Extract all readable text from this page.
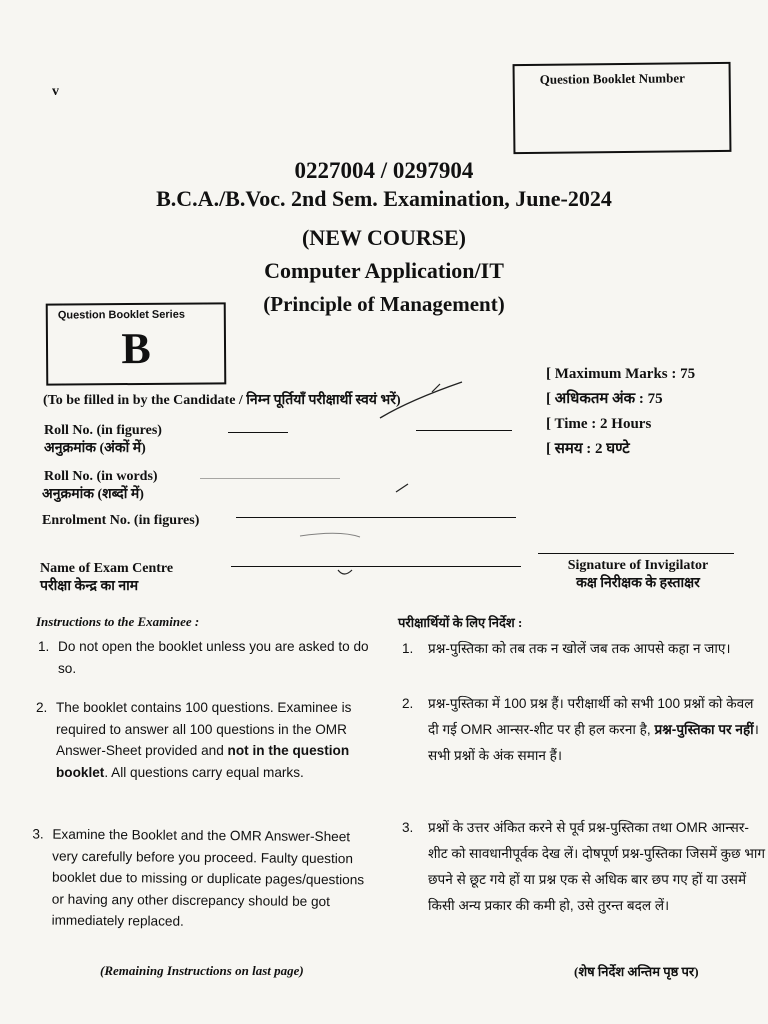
v
Question Booklet Number
0227004 / 0297904
B.C.A./B.Voc. 2nd Sem. Examination, June-2024
(NEW COURSE)
Computer Application/IT
(Principle of Management)
Question Booklet Series
B
[ Maximum Marks : 75
[ अधिकतम अंक : 75
[ Time : 2 Hours
[ समय : 2 घण्टे
(To be filled in by the Candidate / निम्न पूर्तियाँ परीक्षार्थी स्वयं भरें)
Roll No. (in figures)
अनुक्रमांक (अंकों में)
Roll No. (in words)
अनुक्रमांक (शब्दों में)
Enrolment No. (in figures)
Name of Exam Centre
परीक्षा केन्द्र का नाम
Signature of Invigilator
कक्ष निरीक्षक के हस्ताक्षर
Instructions to the Examinee :
1. Do not open the booklet unless you are asked to do so.
2. The booklet contains 100 questions. Examinee is required to answer all 100 questions in the OMR Answer-Sheet provided and not in the question booklet. All questions carry equal marks.
3. Examine the Booklet and the OMR Answer-Sheet very carefully before you proceed. Faulty question booklet due to missing or duplicate pages/questions or having any other discrepancy should be got immediately replaced.
(Remaining Instructions on last page)
परीक्षार्थियों के लिए निर्देश :
1. प्रश्न-पुस्तिका को तब तक न खोलें जब तक आपसे कहा न जाए।
2. प्रश्न-पुस्तिका में 100 प्रश्न हैं। परीक्षार्थी को सभी 100 प्रश्नों को केवल दी गई OMR आन्सर-शीट पर ही हल करना है, प्रश्न-पुस्तिका पर नहीं। सभी प्रश्नों के अंक समान हैं।
3. प्रश्नों के उत्तर अंकित करने से पूर्व प्रश्न-पुस्तिका तथा OMR आन्सर-शीट को सावधानीपूर्वक देख लें। दोषपूर्ण प्रश्न-पुस्तिका जिसमें कुछ भाग छपने से छूट गये हों या प्रश्न एक से अधिक बार छप गए हों या उसमें किसी अन्य प्रकार की कमी हो, उसे तुरन्त बदल लें।
(शेष निर्देश अन्तिम पृष्ठ पर)
